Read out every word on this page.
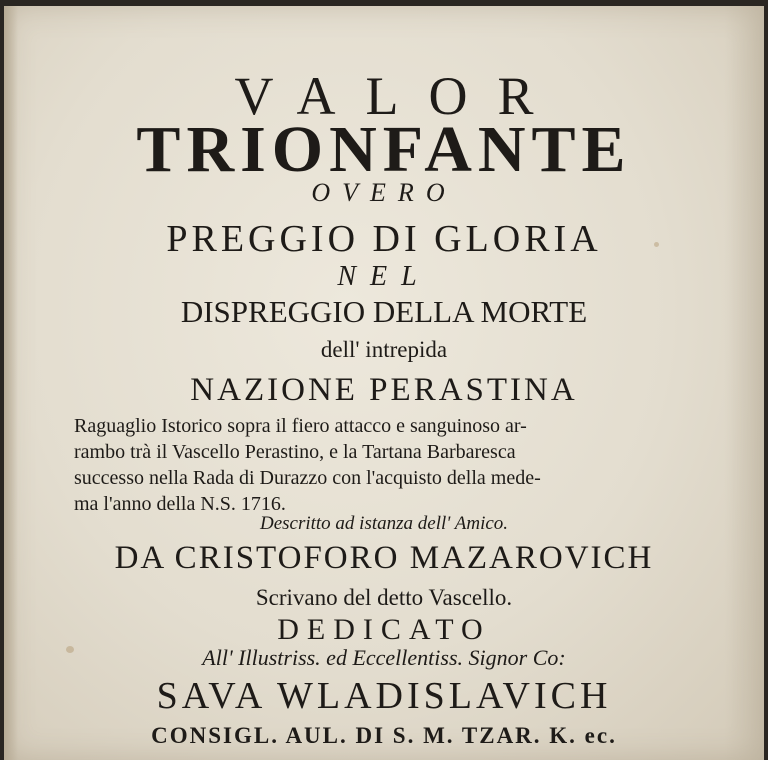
VALOR
TRIONFANTE
OVERO
PREGGIO DI GLORIA
NEL
DISPREGGIO DELLA MORTE
dell' intrepida
NAZIONE PERASTINA
Raguaglio Istorico sopra il fiero attacco e sanguinoso ar-
rambo trà il Vascello Perastino, e la Tartana Barbaresca
successo nella Rada di Durazzo con l'acquisto della mede-
ma l'anno della N.S. 1716.
Descritto ad istanza dell' Amico.
DA CRISTOFORO MAZAROVICH
Scrivano del detto Vascello.
DEDICATO
All' Illustriss. ed Eccellentiss. Signor Co:
SAVA WLADISLAVICH
CONSIGL. AUL. DI S. M. TZAR. K. ec.
